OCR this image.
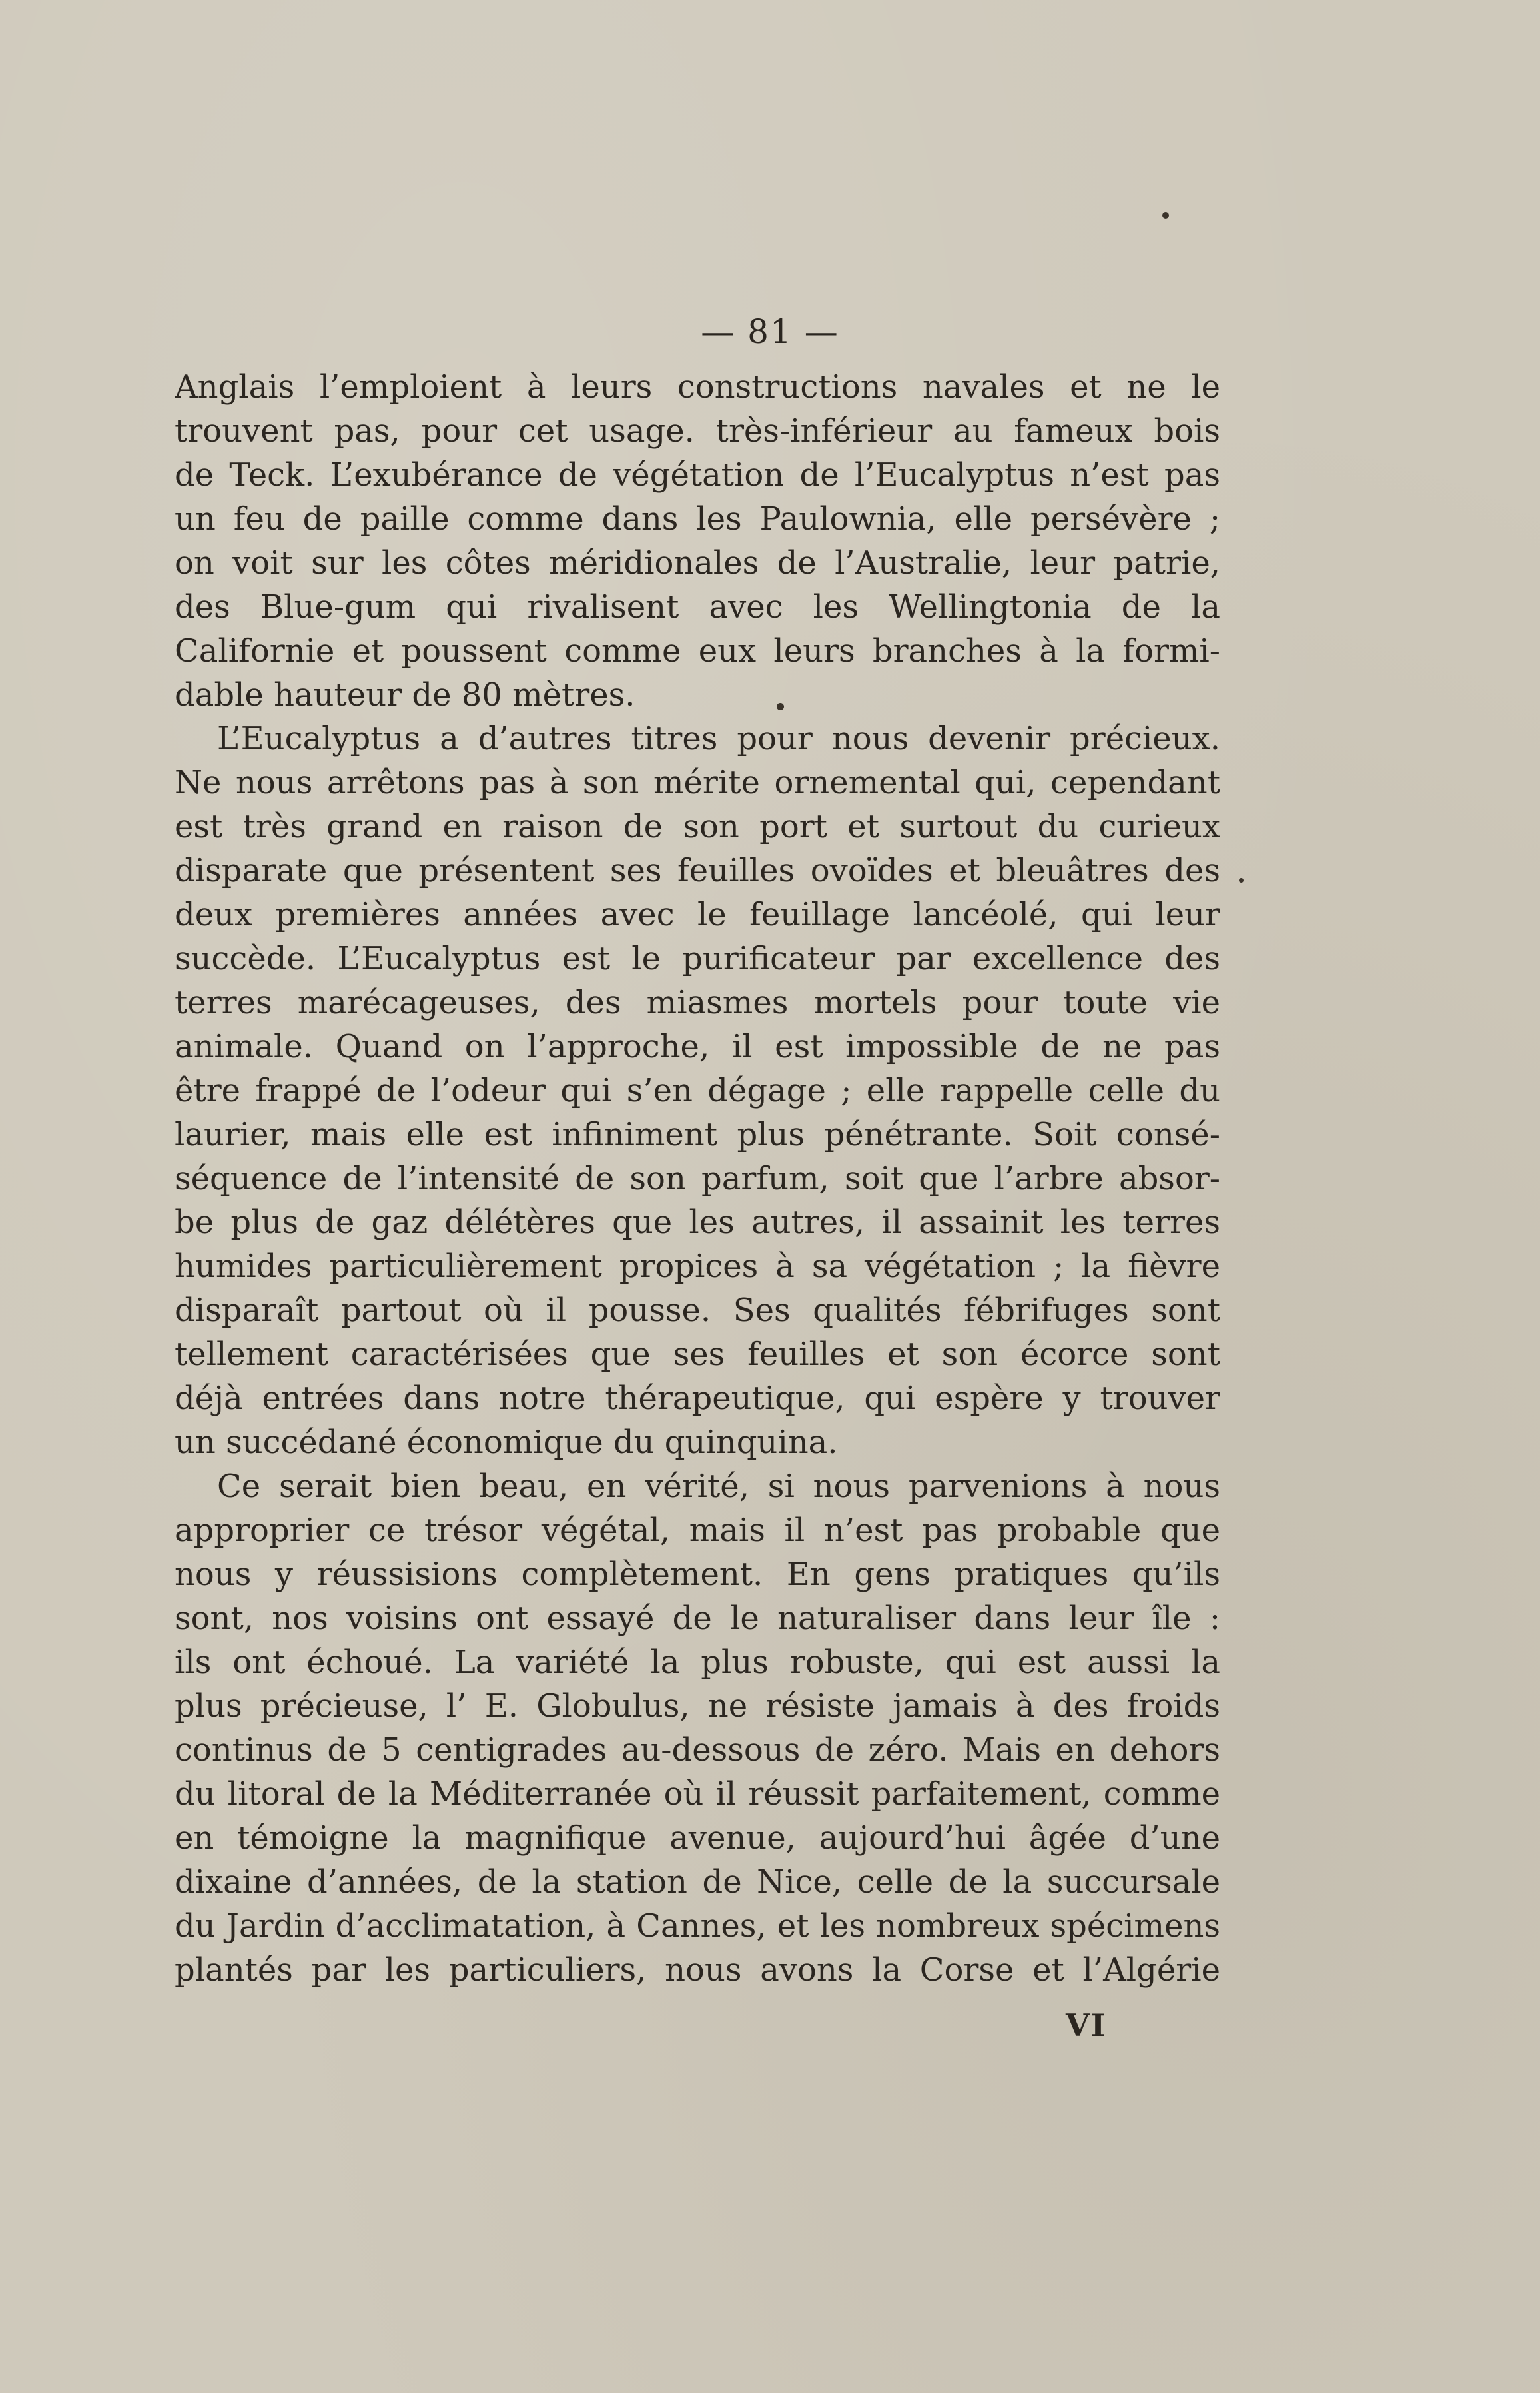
— 81 —
Anglais l’emploient à leurs constructions navales et ne le
trouvent pas, pour cet usage. très-inférieur au fameux bois
de Teck. L’exubérance de végétation de l’Eucalyptus n’est pas
un feu de paille comme dans les Paulownia, elle persévère ;
on voit sur les côtes méridionales de l’Australie, leur patrie,
des Blue-gum qui rivalisent avec les Wellingtonia de la
Californie et poussent comme eux leurs branches à la formi-
dable hauteur de 80 mètres.
L’Eucalyptus a d’autres titres pour nous devenir précieux.
Ne nous arrêtons pas à son mérite ornemental qui, cependant
est très grand en raison de son port et surtout du curieux
disparate que présentent ses feuilles ovoïdes et bleuâtres des
deux premières années avec le feuillage lancéolé, qui leur
succède. L’Eucalyptus est le purificateur par excellence des
terres marécageuses, des miasmes mortels pour toute vie
animale. Quand on l’approche, il est impossible de ne pas
être frappé de l’odeur qui s’en dégage ; elle rappelle celle du
laurier, mais elle est infiniment plus pénétrante. Soit consé-
séquence de l’intensité de son parfum, soit que l’arbre absor-
be plus de gaz délétères que les autres, il assainit les terres
humides particulièrement propices à sa végétation ; la fièvre
disparaît partout où il pousse. Ses qualités fébrifuges sont
tellement caractérisées que ses feuilles et son écorce sont
déjà entrées dans notre thérapeutique, qui espère y trouver
un succédané économique du quinquina.
Ce serait bien beau, en vérité, si nous parvenions à nous
approprier ce trésor végétal, mais il n’est pas probable que
nous y réussisions complètement. En gens pratiques qu’ils
sont, nos voisins ont essayé de le naturaliser dans leur île :
ils ont échoué. La variété la plus robuste, qui est aussi la
plus précieuse, l’ E. Globulus, ne résiste jamais à des froids
continus de 5 centigrades au-dessous de zéro. Mais en dehors
du litoral de la Méditerranée où il réussit parfaitement, comme
en témoigne la magnifique avenue, aujourd’hui âgée d’une
dixaine d’années, de la station de Nice, celle de la succursale
du Jardin d’acclimatation, à Cannes, et les nombreux spécimens
plantés par les particuliers, nous avons la Corse et l’Algérie
VI
